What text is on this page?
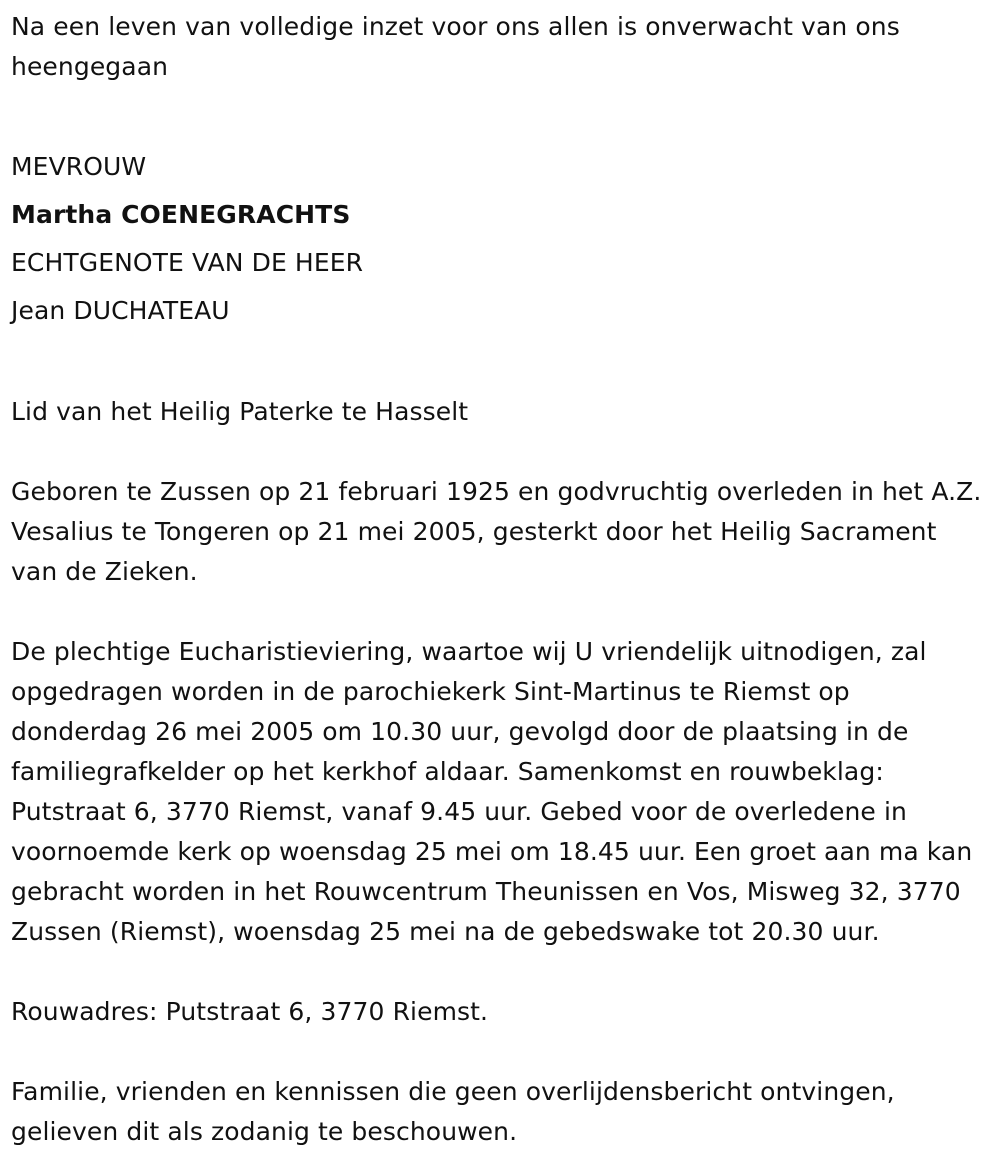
Na een leven van volledige inzet voor ons allen is onverwacht van ons heengegaan

MEVROUW
Martha COENEGRACHTS
ECHTGENOTE VAN DE HEER
Jean DUCHATEAU

Lid van het Heilig Paterke te Hasselt

Geboren te Zussen op 21 februari 1925 en godvruchtig overleden in het A.Z. Vesalius te Tongeren op 21 mei 2005, gesterkt door het Heilig Sacrament van de Zieken.

De plechtige Eucharistieviering, waartoe wij U vriendelijk uitnodigen, zal opgedragen worden in de parochiekerk Sint-Martinus te Riemst op donderdag 26 mei 2005 om 10.30 uur, gevolgd door de plaatsing in de familiegrafkelder op het kerkhof aldaar. Samenkomst en rouwbeklag: Putstraat 6, 3770 Riemst, vanaf 9.45 uur. Gebed voor de overledene in voornoemde kerk op woensdag 25 mei om 18.45 uur. Een groet aan ma kan gebracht worden in het Rouwcentrum Theunissen en Vos, Misweg 32, 3770 Zussen (Riemst), woensdag 25 mei na de gebedswake tot 20.30 uur.

Rouwadres: Putstraat 6, 3770 Riemst.

Familie, vrienden en kennissen die geen overlijdensbericht ontvingen, gelieven dit als zodanig te beschouwen.
